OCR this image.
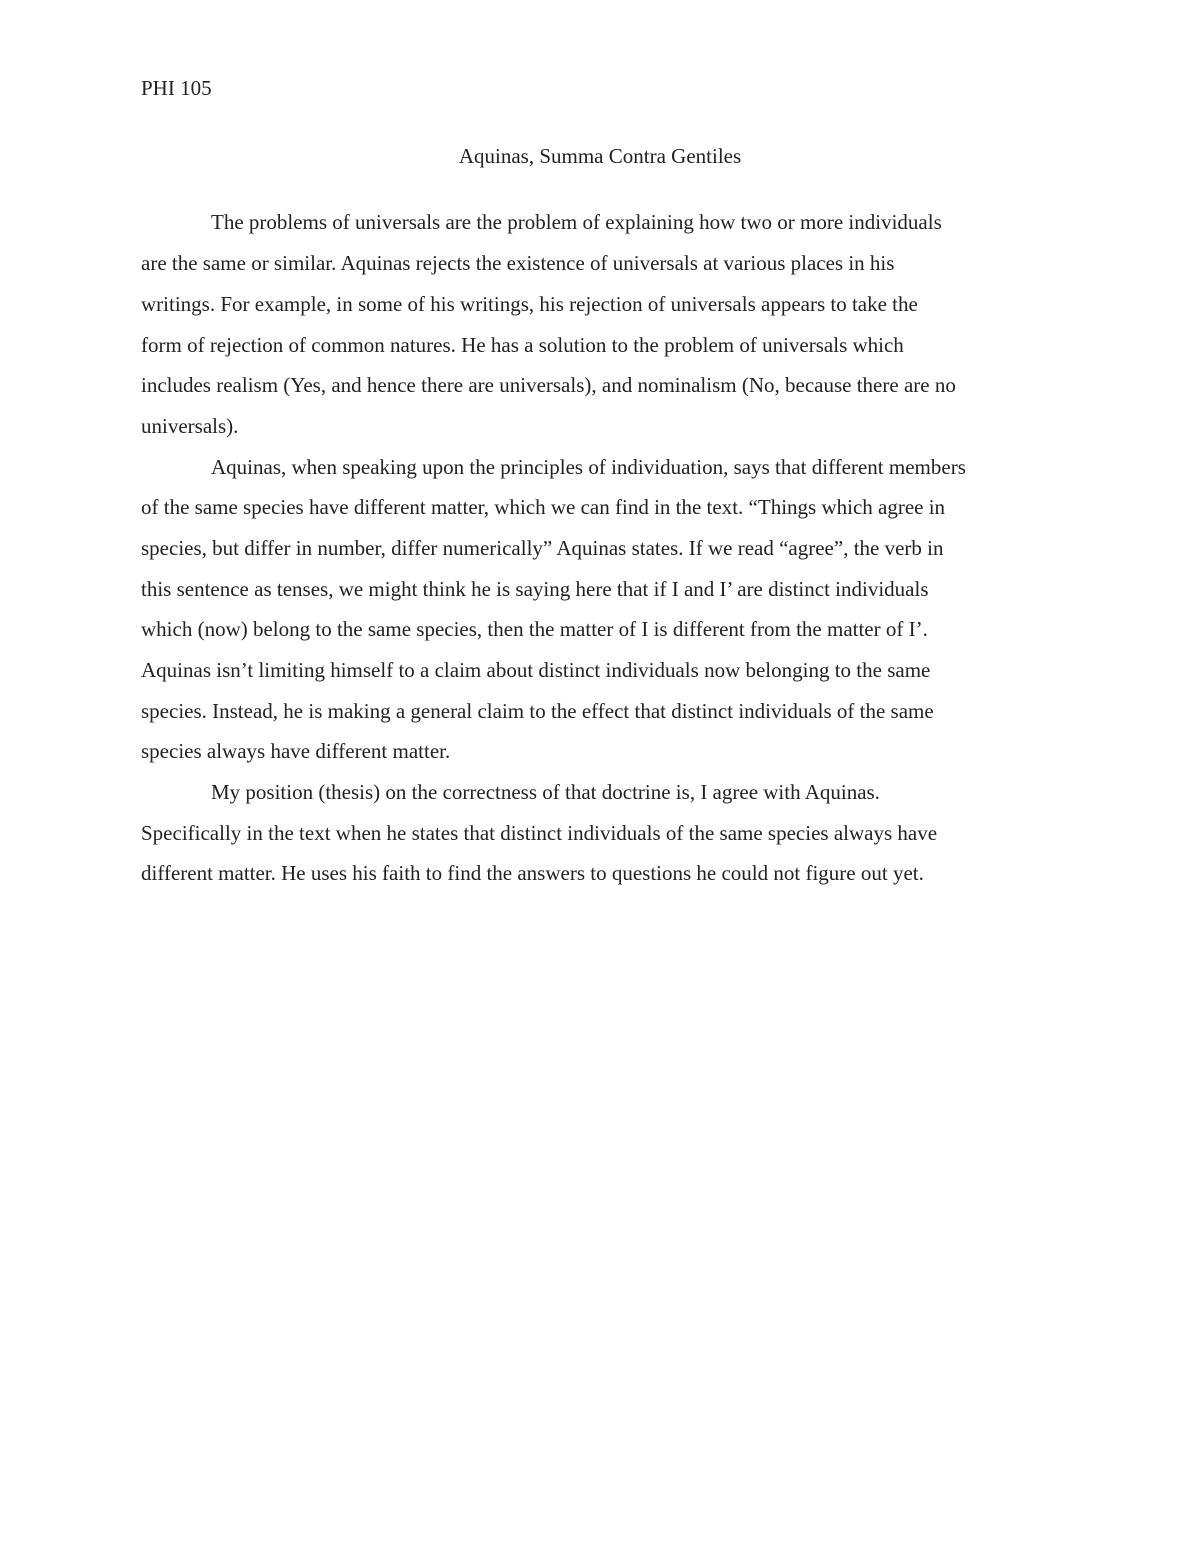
PHI 105
Aquinas, Summa Contra Gentiles
The problems of universals are the problem of explaining how two or more individuals
are the same or similar. Aquinas rejects the existence of universals at various places in his
writings. For example, in some of his writings, his rejection of universals appears to take the
form of rejection of common natures. He has a solution to the problem of universals which
includes realism (Yes, and hence there are universals), and nominalism (No, because there are no
universals).
Aquinas, when speaking upon the principles of individuation, says that different members
of the same species have different matter, which we can find in the text. “Things which agree in
species, but differ in number, differ numerically” Aquinas states. If we read “agree”, the verb in
this sentence as tenses, we might think he is saying here that if I and I’ are distinct individuals
which (now) belong to the same species, then the matter of I is different from the matter of I’.
Aquinas isn’t limiting himself to a claim about distinct individuals now belonging to the same
species. Instead, he is making a general claim to the effect that distinct individuals of the same
species always have different matter.
My position (thesis) on the correctness of that doctrine is, I agree with Aquinas.
Specifically in the text when he states that distinct individuals of the same species always have
different matter. He uses his faith to find the answers to questions he could not figure out yet.
